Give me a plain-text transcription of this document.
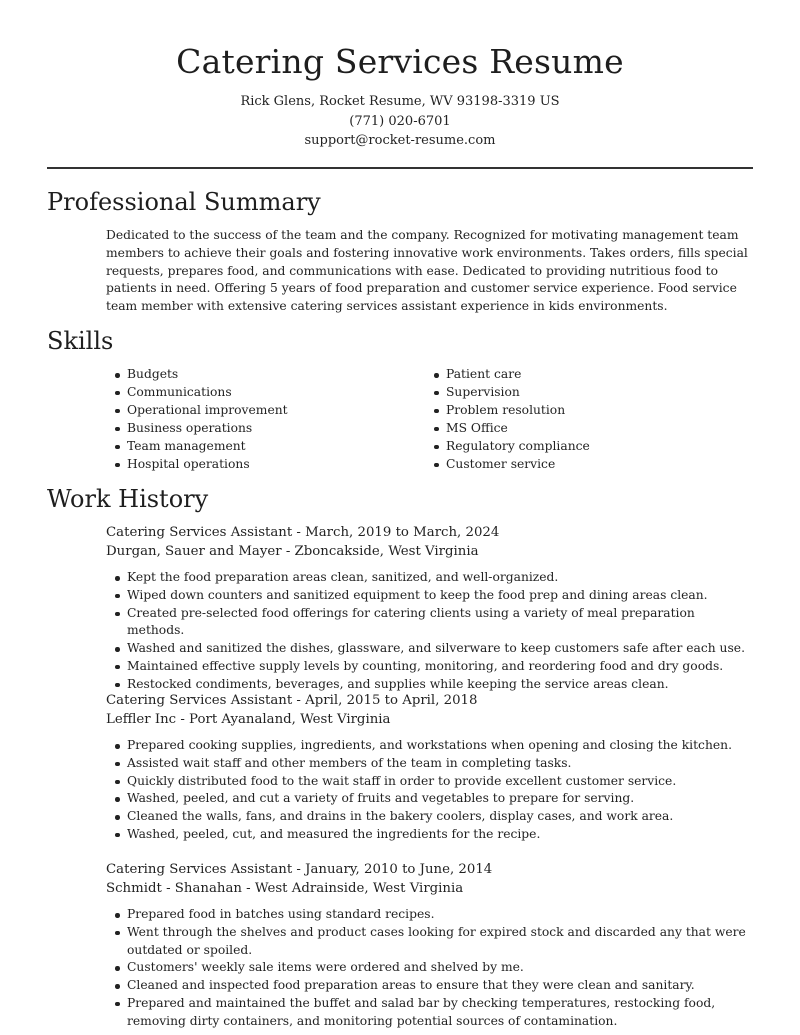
Catering Services Resume
Rick Glens, Rocket Resume, WV 93198-3319 US
(771) 020-6701
support@rocket-resume.com
Professional Summary

Dedicated to the success of the team and the company. Recognized for motivating management team members to achieve their goals and fostering innovative work environments. Takes orders, fills special requests, prepares food, and communications with ease. Dedicated to providing nutritious food to patients in need. Offering 5 years of food preparation and customer service experience. Food service team member with extensive catering services assistant experience in kids environments.

Skills
Budgets
Communications
Operational improvement
Business operations
Team management
Hospital operations
Patient care
Supervision
Problem resolution
MS Office
Regulatory compliance
Customer service
Work History
Catering Services Assistant - March, 2019 to March, 2024
Durgan, Sauer and Mayer - Zboncakside, West Virginia
Kept the food preparation areas clean, sanitized, and well-organized.
Wiped down counters and sanitized equipment to keep the food prep and dining areas clean.
Created pre-selected food offerings for catering clients using a variety of meal preparation methods.
Washed and sanitized the dishes, glassware, and silverware to keep customers safe after each use.
Maintained effective supply levels by counting, monitoring, and reordering food and dry goods.
Restocked condiments, beverages, and supplies while keeping the service areas clean.
Catering Services Assistant - April, 2015 to April, 2018
Leffler Inc - Port Ayanaland, West Virginia
Prepared cooking supplies, ingredients, and workstations when opening and closing the kitchen.
Assisted wait staff and other members of the team in completing tasks.
Quickly distributed food to the wait staff in order to provide excellent customer service.
Washed, peeled, and cut a variety of fruits and vegetables to prepare for serving.
Cleaned the walls, fans, and drains in the bakery coolers, display cases, and work area.
Washed, peeled, cut, and measured the ingredients for the recipe.
Catering Services Assistant - January, 2010 to June, 2014
Schmidt - Shanahan - West Adrainside, West Virginia
Prepared food in batches using standard recipes.
Went through the shelves and product cases looking for expired stock and discarded any that were outdated or spoiled.
Customers' weekly sale items were ordered and shelved by me.
Cleaned and inspected food preparation areas to ensure that they were clean and sanitary.
Prepared and maintained the buffet and salad bar by checking temperatures, restocking food, removing dirty containers, and monitoring potential sources of contamination.
